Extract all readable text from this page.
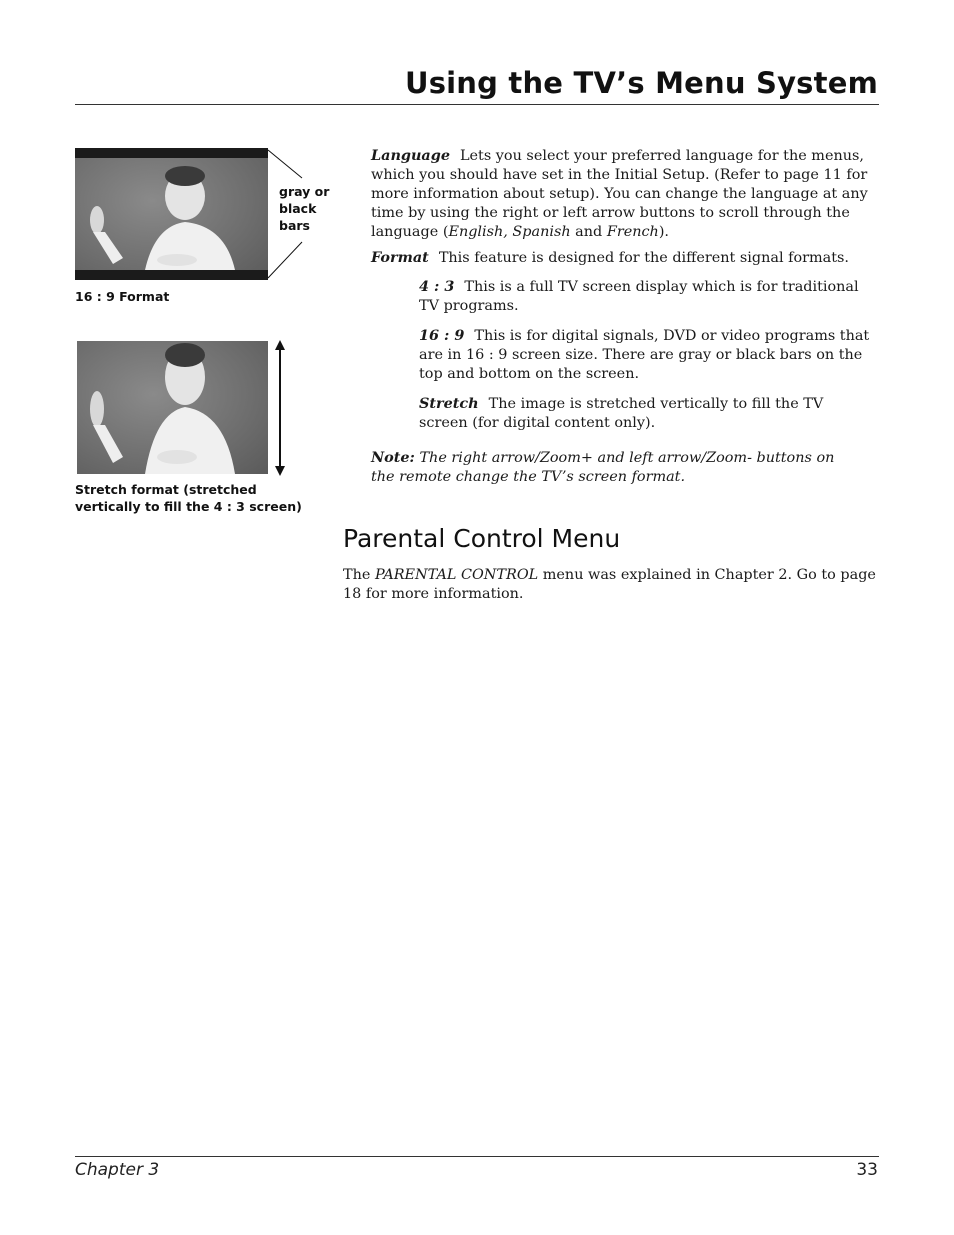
Using the TV’s Menu System
gray or
black
bars
16 : 9 Format
Stretch format (stretched
vertically to fill the 4 : 3 screen)
Language Lets you select your preferred language for the menus, which you should have set in the Initial Setup. (Refer to page 11 for more information about setup). You can change the language at any time by using the right or left arrow buttons to scroll through the language (English, Spanish and French).
Format This feature is designed for the different signal formats.
4 : 3 This is a full TV screen display which is for traditional TV programs.
16 : 9 This is for digital signals, DVD or video programs that are in 16 : 9 screen size. There are gray or black bars on the top and bottom on the screen.
Stretch The image is stretched vertically to fill the TV screen (for digital content only).
Note: The right arrow/Zoom+ and left arrow/Zoom- buttons on the remote change the TV’s screen format.
Parental Control Menu
The PARENTAL CONTROL menu was explained in Chapter 2. Go to page 18 for more information.
Chapter 3	33
